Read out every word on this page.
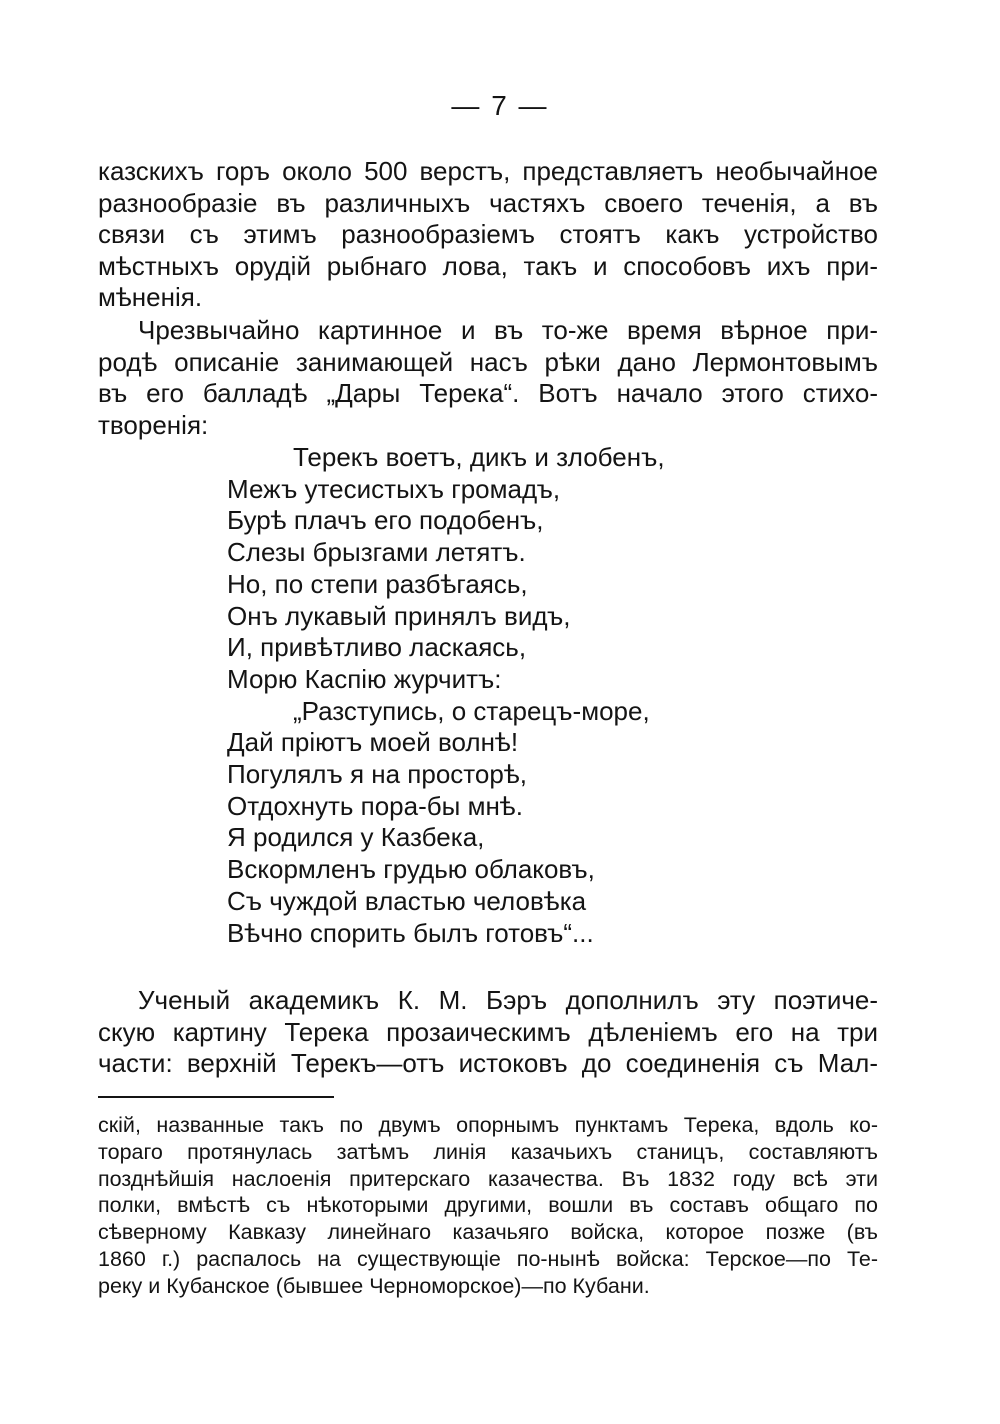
— 7 —
казскихъ горъ около 500 верстъ, представляетъ необычайное
разнообразіе въ различныхъ частяхъ своего теченія, а въ
связи съ этимъ разнообразіемъ стоятъ какъ устройство
мѣстныхъ орудій рыбнаго лова, такъ и способовъ ихъ при-
мѣненія.
Чрезвычайно картинное и въ то-же время вѣрное при-
родѣ описаніе занимающей насъ рѣки дано Лермонтовымъ
въ его балладѣ „Дары Терека“. Вотъ начало этого стихо-
творенія:
Терекъ воетъ, дикъ и злобенъ,
Межъ утесистыхъ громадъ,
Бурѣ плачъ его подобенъ,
Слезы брызгами летятъ.
Но, по степи разбѣгаясь,
Онъ лукавый принялъ видъ,
И, привѣтливо ласкаясь,
Морю Каспію журчитъ:
„Разступись, о старецъ-море,
Дай пріютъ моей волнѣ!
Погулялъ я на просторѣ,
Отдохнуть пора-бы мнѣ.
Я родился у Казбека,
Вскормленъ грудью облаковъ,
Съ чуждой властью человѣка
Вѣчно спорить былъ готовъ“...
Ученый академикъ К. М. Бэръ дополнилъ эту поэтиче-
скую картину Терека прозаическимъ дѣленіемъ его на три
части: верхній Терекъ—отъ истоковъ до соединенія съ Мал-
скій, названные такъ по двумъ опорнымъ пунктамъ Терека, вдоль ко-
тораго протянулась затѣмъ линія казачьихъ станицъ, составляютъ
позднѣйшія наслоенія притерскаго казачества. Въ 1832 году всѣ эти
полки, вмѣстѣ съ нѣкоторыми другими, вошли въ составъ общаго по
сѣверному Кавказу линейнаго казачьяго войска, которое позже (въ
1860 г.) распалось на существующіе по-нынѣ войска: Терское—по Те-
реку и Кубанское (бывшее Черноморское)—по Кубани.
